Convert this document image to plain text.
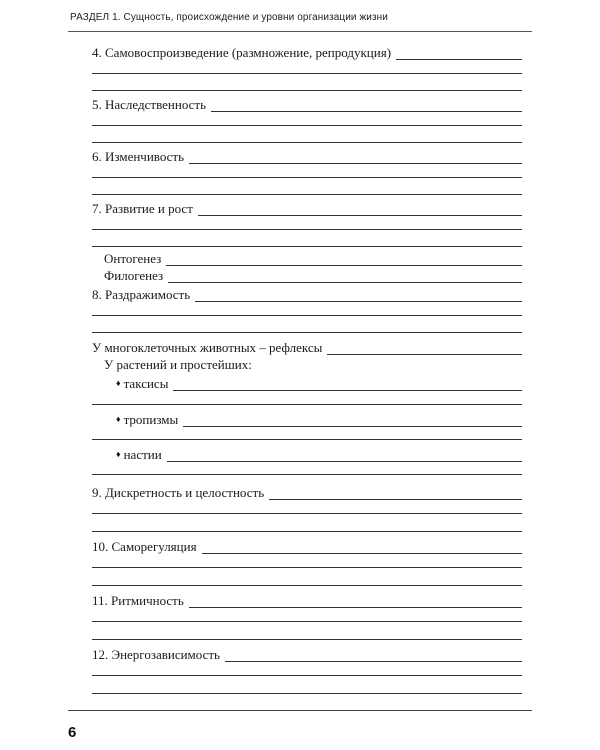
РАЗДЕЛ 1. Сущность, происхождение и уровни организации жизни
4. Самовоспроизведение (размножение, репродукция)
5. Наследственность
6. Изменчивость
7. Развитие и рост
Онтогенез
Филогенез
8. Раздражимость
У многоклеточных животных – рефлексы
У растений и простейших:
♦ таксисы
♦ тропизмы
♦ настии
9. Дискретность и целостность
10. Саморегуляция
11. Ритмичность
12. Энергозависимость
6
